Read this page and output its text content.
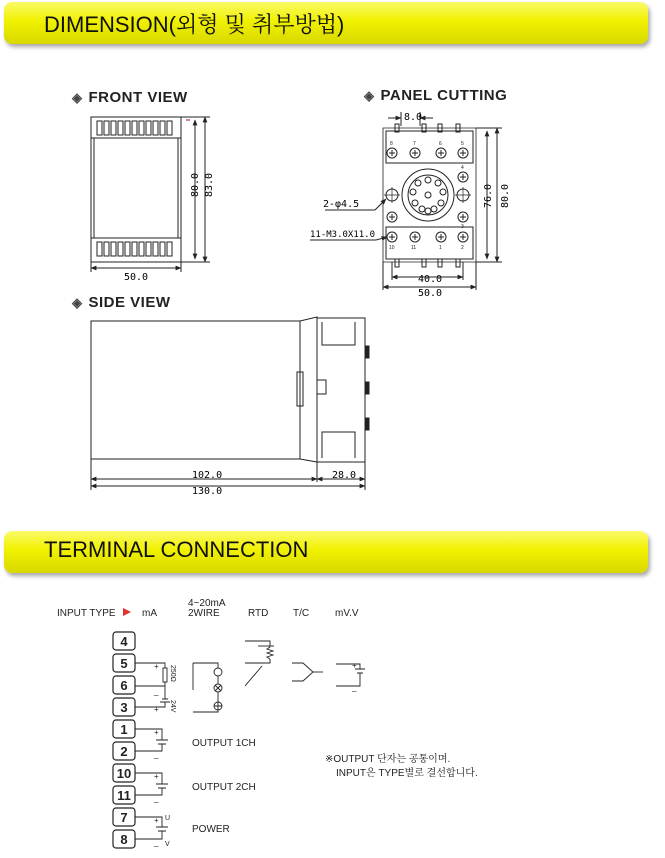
DIMENSION(외형 및 취부방법)
TERMINAL CONNECTION
◈ FRONT VIEW	◈ PANEL CUTTING
◈ SIDE VIEW
50.0
80.0 83.0
8	7	6	5
10	11	1	2
4
3
8.0
2-φ4.5
11-M3.0X11.0
76.0 80.0
40.0
50.0
102.0	28.0
130.0
INPUT TYPE	mA
4~20mA
2WIRE	RTD T/C	mV.V
4
5
6
3
1
2
10
11
7
8
+
_
+
+
_
+
_
+
_
U
V
+
_
250Ω
24V
OUTPUT 1CH
OUTPUT 2CH
POWER
※OUTPUT 단자는 공통이며.
INPUT은 TYPE별로 결선합니다.
